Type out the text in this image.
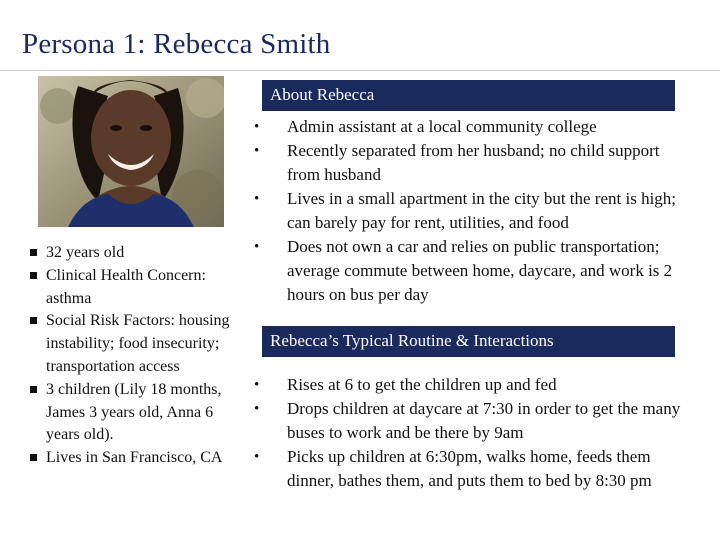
Persona 1: Rebecca Smith
32 years old
Clinical Health Concern: asthma
Social Risk Factors: housing instability; food insecurity; transportation access
3 children (Lily 18 months, James 3 years old, Anna 6 years old).
Lives in San Francisco, CA
About Rebecca
• Admin assistant at a local community college
• Recently separated from her husband; no child support from husband
• Lives in a small apartment in the city but the rent is high; can barely pay for rent, utilities, and food
• Does not own a car and relies on public transportation; average commute between home, daycare, and work is 2 hours on bus per day
Rebecca’s Typical Routine & Interactions
• Rises at 6 to get the children up and fed
• Drops children at daycare at 7:30 in order to get the many buses to work and be there by 9am
• Picks up children at 6:30pm, walks home, feeds them dinner, bathes them, and puts them to bed by 8:30 pm
